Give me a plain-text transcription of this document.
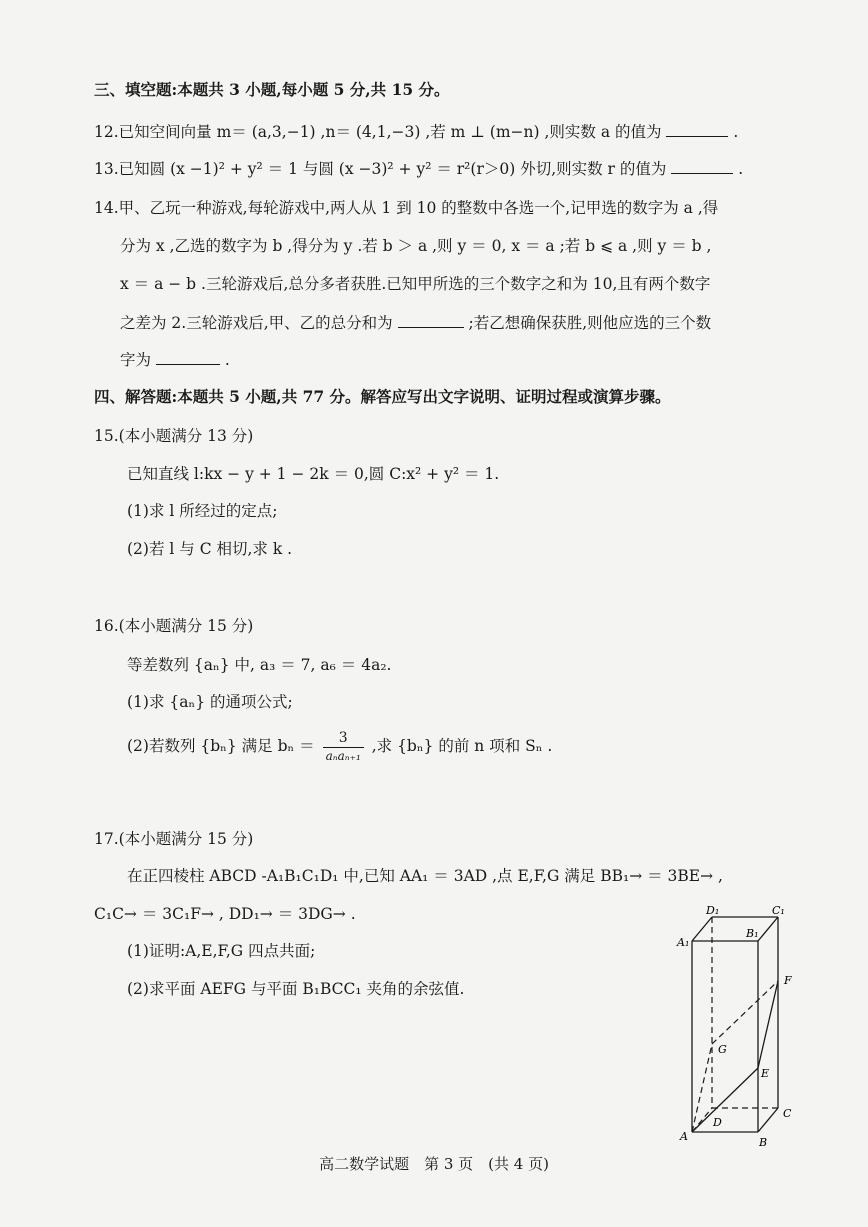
三、填空题:本题共 3 小题,每小题 5 分,共 15 分。
12.已知空间向量 m＝ (a,3,−1) ,n＝ (4,1,−3) ,若 m ⊥ (m−n) ,则实数 a 的值为	.
13.已知圆 (x −1)² + y² ＝ 1 与圆 (x −3)² + y² ＝ r²(r＞0) 外切,则实数 r 的值为	.
14.甲、乙玩一种游戏,每轮游戏中,两人从 1 到 10 的整数中各选一个,记甲选的数字为 a ,得
分为 x ,乙选的数字为 b ,得分为 y .若 b ＞ a ,则 y ＝ 0, x ＝ a ;若 b ⩽ a ,则 y ＝ b ,
x ＝ a − b .三轮游戏后,总分多者获胜.已知甲所选的三个数字之和为 10,且有两个数字
之差为 2.三轮游戏后,甲、乙的总分和为	;若乙想确保获胜,则他应选的三个数
字为	.
四、解答题:本题共 5 小题,共 77 分。解答应写出文字说明、证明过程或演算步骤。
15.(本小题满分 13 分)
已知直线 l:kx − y + 1 − 2k ＝ 0,圆 C:x² + y² ＝ 1.
(1)求 l 所经过的定点;
(2)若 l 与 C 相切,求 k .
16.(本小题满分 15 分)
等差数列 {aₙ} 中, a₃ ＝ 7, a₆ ＝ 4a₂.
(1)求 {aₙ} 的通项公式;
(2)若数列 {bₙ} 满足 $b_n = \frac{3}{\text{aₙaₙ₊₁}}$ ,求 {bₙ} 的前 n 项和 Sₙ .
17.(本小题满分 15 分)
在正四棱柱 ABCD -A₁B₁C₁D₁ 中,已知 AA₁ ＝ 3AD ,点 E,F,G 满足 BB₁→ ＝ 3BE→ ,
C₁C→ ＝ 3C₁F→ , DD₁→ ＝ 3DG→ .
(1)证明:A,E,F,G 四点共面;
(2)求平面 AEFG 与平面 B₁BCC₁ 夹角的余弦值.
D₁	C₁
A₁
B₁
F
G
E
C
D
A	B
高二数学试题　第 3 页　(共 4 页)
